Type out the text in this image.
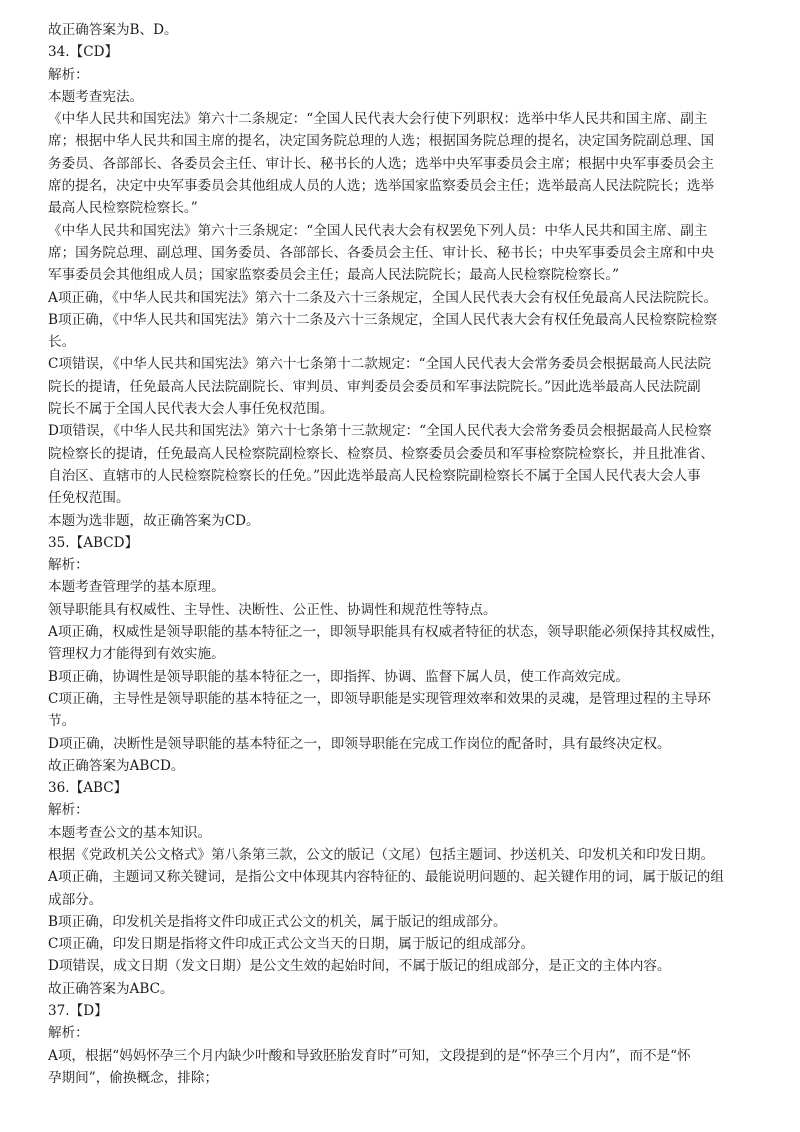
故正确答案为B、D。

34.【CD】

解析：

本题考查宪法。

《中华人民共和国宪法》第六十二条规定：“全国人民代表大会行使下列职权：选举中华人民共和国主席、副主

席；根据中华人民共和国主席的提名，决定国务院总理的人选；根据国务院总理的提名，决定国务院副总理、国

务委员、各部部长、各委员会主任、审计长、秘书长的人选；选举中央军事委员会主席；根据中央军事委员会主

席的提名，决定中央军事委员会其他组成人员的人选；选举国家监察委员会主任；选举最高人民法院院长；选举

最高人民检察院检察长。”

《中华人民共和国宪法》第六十三条规定：“全国人民代表大会有权罢免下列人员：中华人民共和国主席、副主

席；国务院总理、副总理、国务委员、各部部长、各委员会主任、审计长、秘书长；中央军事委员会主席和中央

军事委员会其他组成人员；国家监察委员会主任；最高人民法院院长；最高人民检察院检察长。”

A项正确，《中华人民共和国宪法》第六十二条及六十三条规定，全国人民代表大会有权任免最高人民法院院长。

B项正确，《中华人民共和国宪法》第六十二条及六十三条规定，全国人民代表大会有权任免最高人民检察院检察

长。

C项错误，《中华人民共和国宪法》第六十七条第十二款规定：“全国人民代表大会常务委员会根据最高人民法院

院长的提请，任免最高人民法院副院长、审判员、审判委员会委员和军事法院院长。”因此选举最高人民法院副

院长不属于全国人民代表大会人事任免权范围。

D项错误，《中华人民共和国宪法》第六十七条第十三款规定：“全国人民代表大会常务委员会根据最高人民检察

院检察长的提请，任免最高人民检察院副检察长、检察员、检察委员会委员和军事检察院检察长，并且批准省、

自治区、直辖市的人民检察院检察长的任免。”因此选举最高人民检察院副检察长不属于全国人民代表大会人事

任免权范围。

本题为选非题，故正确答案为CD。

35.【ABCD】

解析：

本题考查管理学的基本原理。

领导职能具有权威性、主导性、决断性、公正性、协调性和规范性等特点。

A项正确，权威性是领导职能的基本特征之一，即领导职能具有权威者特征的状态，领导职能必须保持其权威性，

管理权力才能得到有效实施。

B项正确，协调性是领导职能的基本特征之一，即指挥、协调、监督下属人员，使工作高效完成。

C项正确，主导性是领导职能的基本特征之一，即领导职能是实现管理效率和效果的灵魂，是管理过程的主导环

节。

D项正确，决断性是领导职能的基本特征之一，即领导职能在完成工作岗位的配备时，具有最终决定权。

故正确答案为ABCD。

36.【ABC】

解析：

本题考查公文的基本知识。

根据《党政机关公文格式》第八条第三款，公文的版记（文尾）包括主题词、抄送机关、印发机关和印发日期。

A项正确，主题词又称关键词，是指公文中体现其内容特征的、最能说明问题的、起关键作用的词，属于版记的组

成部分。

B项正确，印发机关是指将文件印成正式公文的机关，属于版记的组成部分。

C项正确，印发日期是指将文件印成正式公文当天的日期，属于版记的组成部分。

D项错误，成文日期（发文日期）是公文生效的起始时间，不属于版记的组成部分，是正文的主体内容。

故正确答案为ABC。

37.【D】

解析：

A项，根据“妈妈怀孕三个月内缺少叶酸和导致胚胎发育时”可知，文段提到的是“怀孕三个月内”，而不是“怀

孕期间”，偷换概念，排除；
